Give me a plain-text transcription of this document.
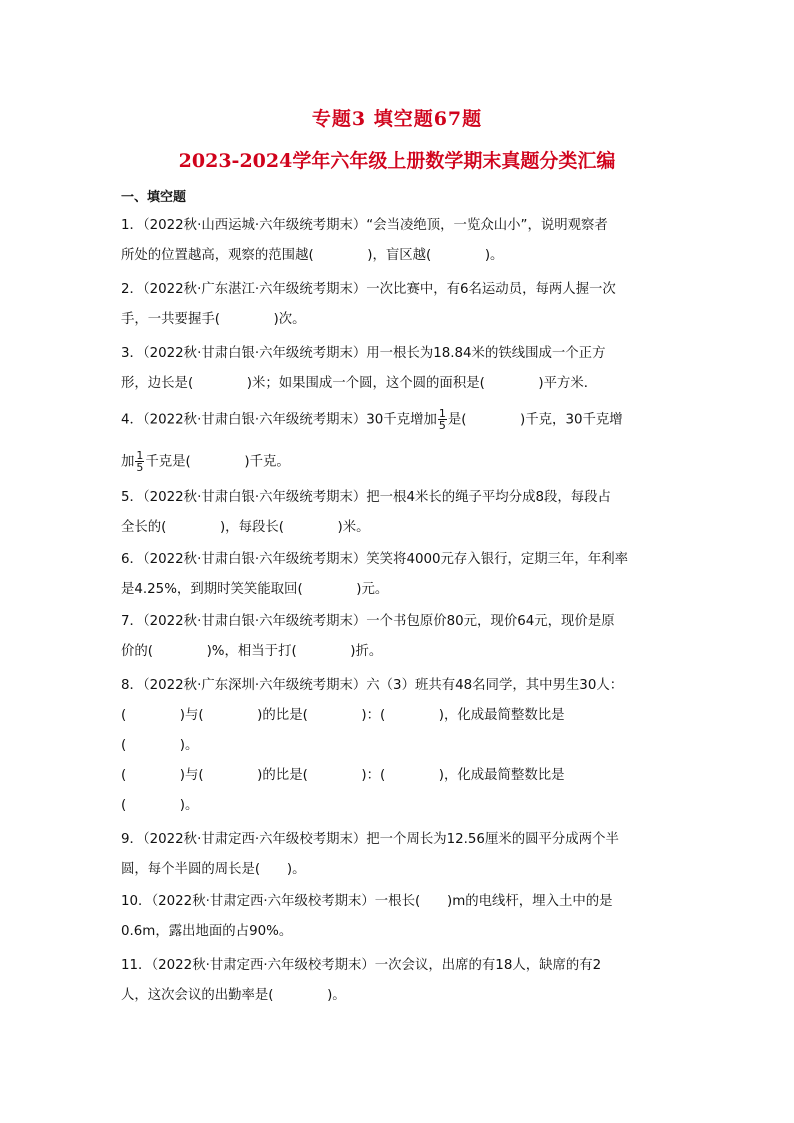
专题3 填空题67题
2023-2024学年六年级上册数学期末真题分类汇编
一、填空题
1．（2022秋·山西运城·六年级统考期末）“会当凌绝顶，一览众山小”，说明观察者
所处的位置越高，观察的范围越(　　　　)，盲区越(　　　　)。
2．（2022秋·广东湛江·六年级统考期末）一次比赛中，有6名运动员，每两人握一次
手，一共要握手(　　　　)次。
3．（2022秋·甘肃白银·六年级统考期末）用一根长为18.84米的铁线围成一个正方
形，边长是(　　　　)米；如果围成一个圆，这个圆的面积是(　　　　)平方米．
4．（2022秋·甘肃白银·六年级统考期末）30千克增加 $\frac{1}{5}$ 是(　　　　)千克，30千克增
加 $\frac{1}{5}$ 千克是(　　　　)千克。
5．（2022秋·甘肃白银·六年级统考期末）把一根4米长的绳子平均分成8段，每段占
全长的(　　　　)，每段长(　　　　)米。
6．（2022秋·甘肃白银·六年级统考期末）笑笑将4000元存入银行，定期三年，年利率
是4.25%，到期时笑笑能取回(　　　　)元。
7．（2022秋·甘肃白银·六年级统考期末）一个书包原价80元，现价64元，现价是原
价的(　　　　)%，相当于打(　　　　)折。
8．（2022秋·广东深圳·六年级统考期末）六（3）班共有48名同学，其中男生30人：
(　　　　)与(　　　　)的比是(　　　　)：(　　　　)，化成最简整数比是
(　　　　)。
(　　　　)与(　　　　)的比是(　　　　)：(　　　　)，化成最简整数比是
(　　　　)。
9．（2022秋·甘肃定西·六年级校考期末）把一个周长为12.56厘米的圆平分成两个半
圆，每个半圆的周长是(　　)。
10．（2022秋·甘肃定西·六年级校考期末）一根长(　　)m的电线杆，埋入土中的是
0.6m，露出地面的占90%。
11．（2022秋·甘肃定西·六年级校考期末）一次会议，出席的有18人，缺席的有2
人，这次会议的出勤率是(　　　　)。
